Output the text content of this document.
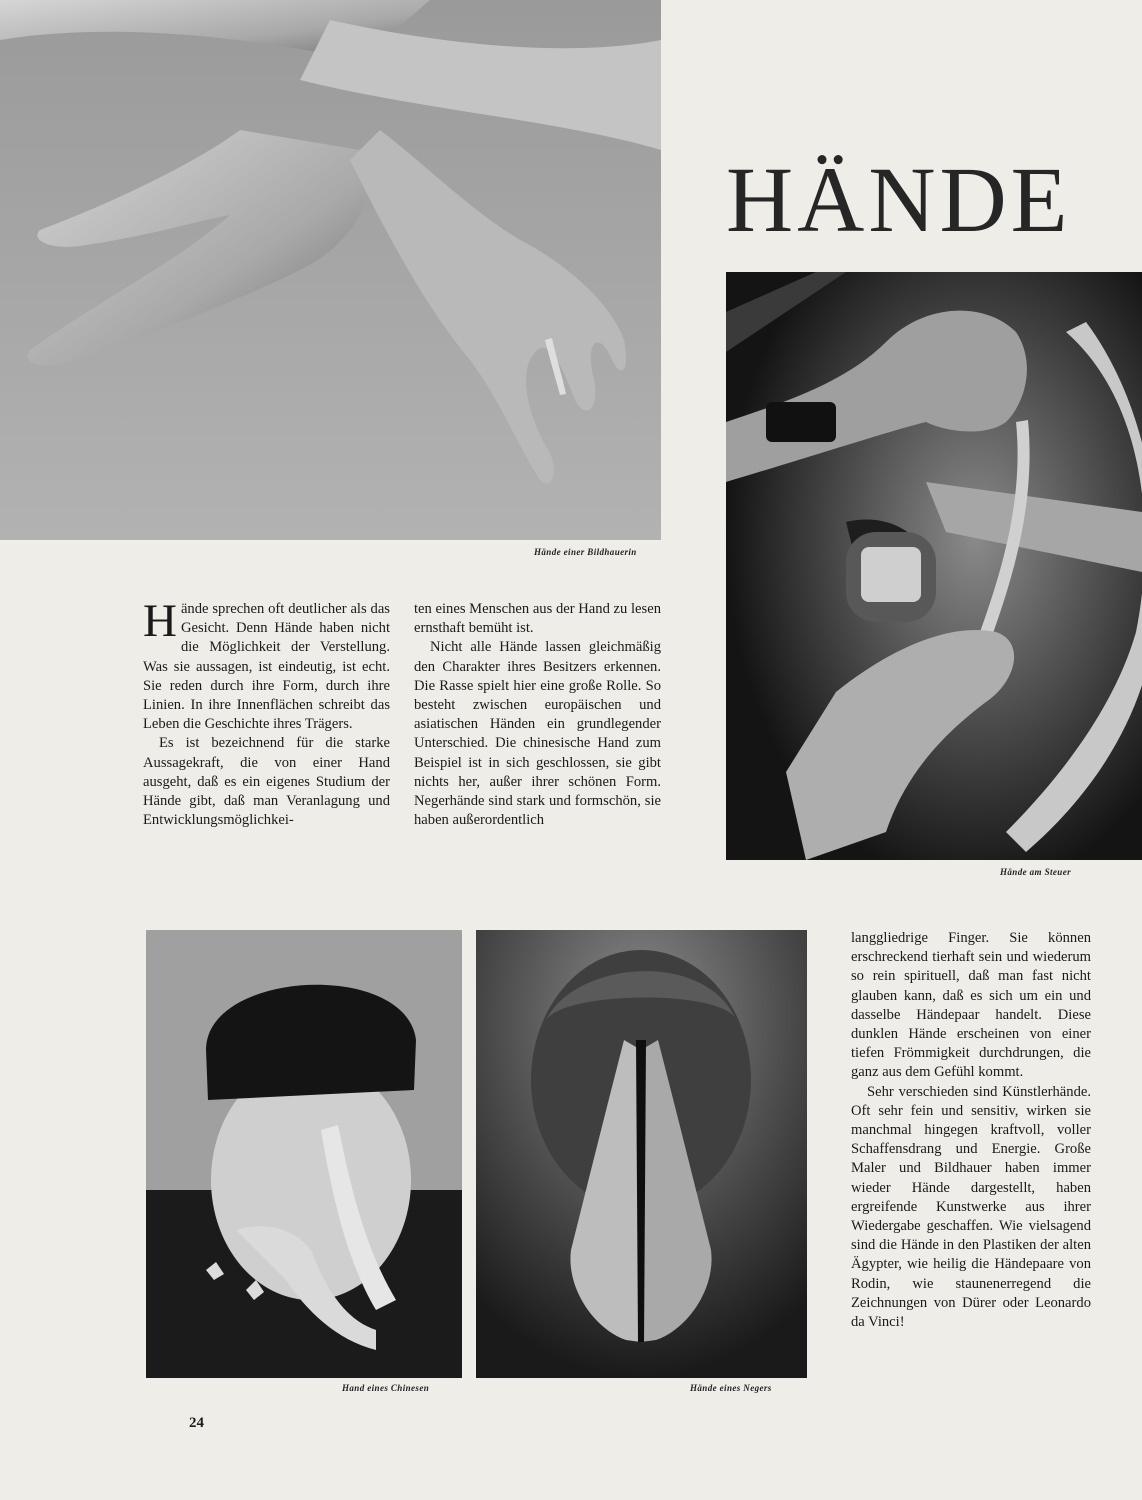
Hände einer Bildhauerin
HÄNDE
Hände am Steuer

Hände sprechen oft deutlicher als das Gesicht. Denn Hände haben nicht die Möglichkeit der Verstellung. Was sie aussagen, ist eindeutig, ist echt. Sie reden durch ihre Form, durch ihre Linien. In ihre Innenflächen schreibt das Leben die Geschichte ihres Trägers.

Es ist bezeichnend für die starke Aussagekraft, die von einer Hand ausgeht, daß es ein eigenes Studium der Hände gibt, daß man Veranlagung und Entwicklungsmöglichkei-

ten eines Menschen aus der Hand zu lesen ernsthaft bemüht ist.

Nicht alle Hände lassen gleichmäßig den Charakter ihres Besitzers erkennen. Die Rasse spielt hier eine große Rolle. So besteht zwischen europäischen und asiatischen Händen ein grundlegender Unterschied. Die chinesische Hand zum Beispiel ist in sich geschlossen, sie gibt nichts her, außer ihrer schönen Form. Negerhände sind stark und formschön, sie haben außerordentlich

Hand eines Chinesen	Hände eines Negers

langgliedrige Finger. Sie können erschreckend tierhaft sein und wiederum so rein spirituell, daß man fast nicht glauben kann, daß es sich um ein und dasselbe Händepaar handelt. Diese dunklen Hände erscheinen von einer tiefen Frömmigkeit durchdrungen, die ganz aus dem Gefühl kommt.

Sehr verschieden sind Künstlerhände. Oft sehr fein und sensitiv, wirken sie manchmal hingegen kraftvoll, voller Schaffensdrang und Energie. Große Maler und Bildhauer haben immer wieder Hände dargestellt, haben ergreifende Kunstwerke aus ihrer Wiedergabe geschaffen. Wie vielsagend sind die Hände in den Plastiken der alten Ägypter, wie heilig die Händepaare von Rodin, wie staunenerregend die Zeichnungen von Dürer oder Leonardo da Vinci!

24
